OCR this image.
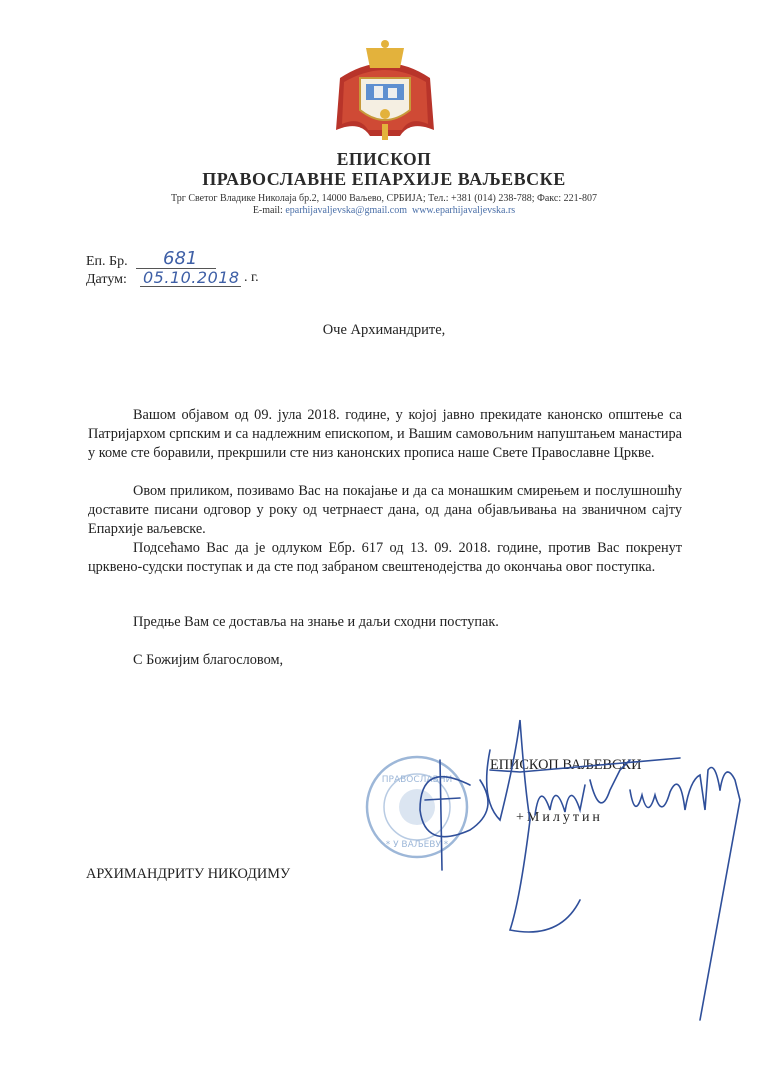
ЕПИСКОП
ПРАВОСЛАВНЕ ЕПАРХИЈЕ ВАЉЕВСКЕ
Трг Светог Владике Николаја бр.2, 14000 Ваљево, СРБИЈА; Тел.: +381 (014) 238-788; Факс: 221-807
E-mail: eparhijavaljevska@gmail.com www.eparhijavaljevska.rs
Еп. Бр. 681
Датум: 05.10.2018 . г.
Оче Архимандрите,

Вашом објавом од 09. јула 2018. године, у којој јавно прекидате канонско општење са Патријархом српским и са надлежним епископом, и Вашим самовољним напуштањем манастира у коме сте боравили, прекршили сте низ канонских прописа наше Свете Православне Цркве.

Овом приликом, позивамо Вас на покајање и да са монашким смирењем и послушношћу доставите писани одговор у року од четрнаест дана, од дана објављивања на званичном сајту Епархије ваљевске.

Подсећамо Вас да је одлуком Ебр. 617 од 13. 09. 2018. године, против Вас покренут црквено-судски поступак и да сте под забраном свештенодејства до окончања овог поступка.

Предње Вам се доставља на знање и даљи сходни поступак.
С Божијим благословом,
ПРАВОСЛАВНИ
* У ВАЉЕВУ *
ЕПИСКОП ВАЉЕВСКИ
+Милутин
АРХИМАНДРИТУ НИКОДИМУ
